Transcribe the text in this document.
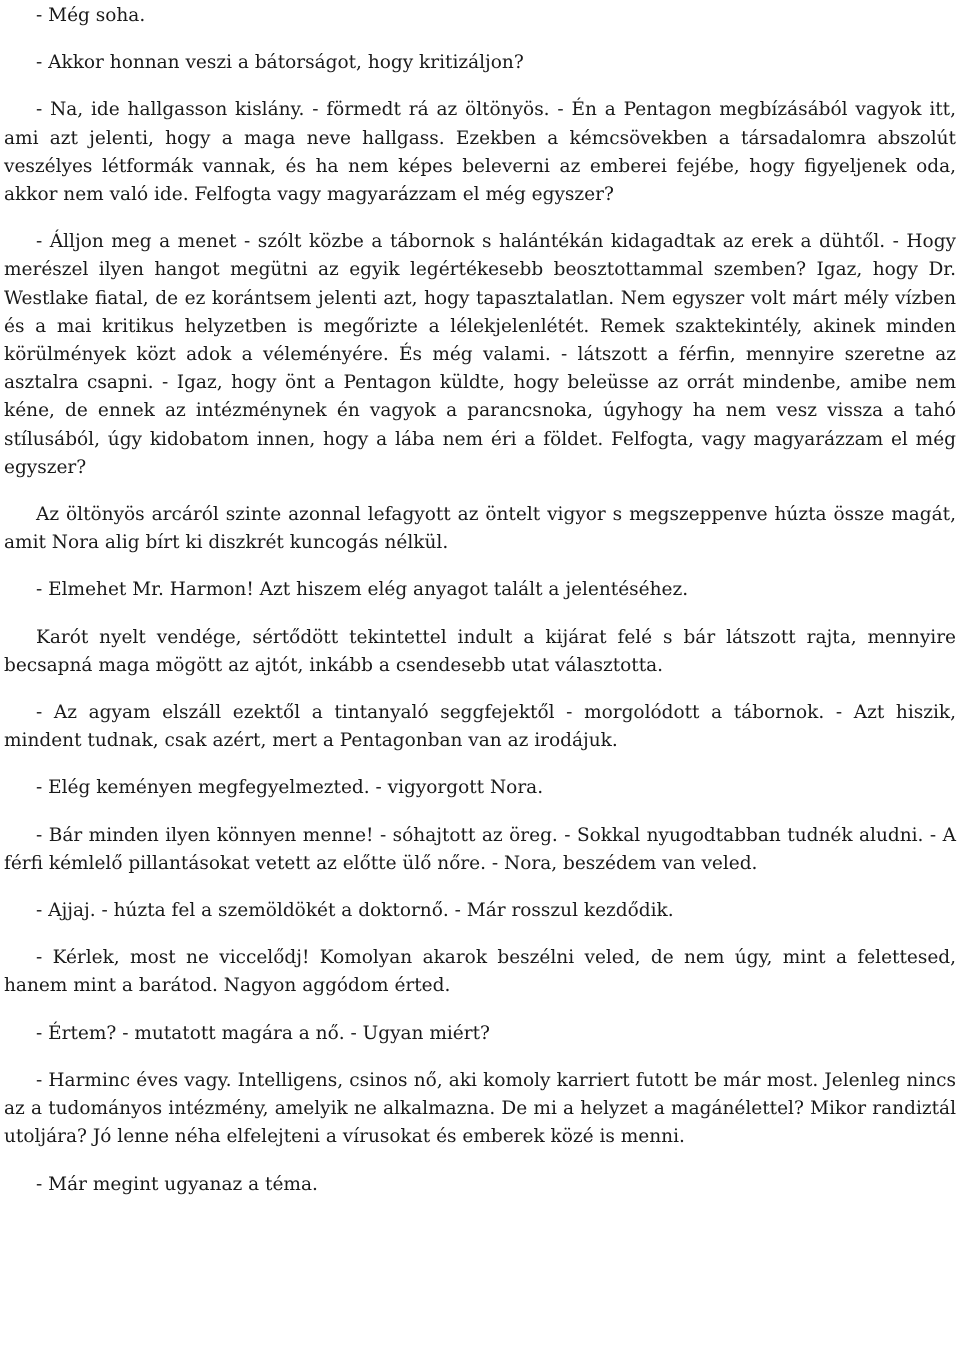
- Még soha.

- Akkor honnan veszi a bátorságot, hogy kritizáljon?

- Na, ide hallgasson kislány. - förmedt rá az öltönyös. - Én a Pentagon megbízásából vagyok itt, ami azt jelenti, hogy a maga neve hallgass. Ezekben a kémcsövekben a társadalomra abszolút veszélyes létformák vannak, és ha nem képes beleverni az emberei fejébe, hogy figyeljenek oda, akkor nem való ide. Felfogta vagy magyarázzam el még egyszer?

- Álljon meg a menet - szólt közbe a tábornok s halántékán kidagadtak az erek a dühtől. - Hogy merészel ilyen hangot megütni az egyik legértékesebb beosztottammal szemben? Igaz, hogy Dr. Westlake fiatal, de ez korántsem jelenti azt, hogy tapasztalatlan. Nem egyszer volt márt mély vízben és a mai kritikus helyzetben is megőrizte a lélekjelenlétét. Remek szaktekintély, akinek minden körülmények közt adok a véleményére. És még valami. - látszott a férfin, mennyire szeretne az asztalra csapni. - Igaz, hogy önt a Pentagon küldte, hogy beleüsse az orrát mindenbe, amibe nem kéne, de ennek az intézménynek én vagyok a parancsnoka, úgyhogy ha nem vesz vissza a tahó stílusából, úgy kidobatom innen, hogy a lába nem éri a földet. Felfogta, vagy magyarázzam el még egyszer?

Az öltönyös arcáról szinte azonnal lefagyott az öntelt vigyor s megszeppenve húzta össze magát, amit Nora alig bírt ki diszkrét kuncogás nélkül.

- Elmehet Mr. Harmon! Azt hiszem elég anyagot talált a jelentéséhez.

Karót nyelt vendége, sértődött tekintettel indult a kijárat felé s bár látszott rajta, mennyire becsapná maga mögött az ajtót, inkább a csendesebb utat választotta.

- Az agyam elszáll ezektől a tintanyaló seggfejektől - morgolódott a tábornok. - Azt hiszik, mindent tudnak, csak azért, mert a Pentagonban van az irodájuk.

- Elég keményen megfegyelmezted. - vigyorgott Nora.

- Bár minden ilyen könnyen menne! - sóhajtott az öreg. - Sokkal nyugodtabban tudnék aludni. - A férfi kémlelő pillantásokat vetett az előtte ülő nőre. - Nora, beszédem van veled.

- Ajjaj. - húzta fel a szemöldökét a doktornő. - Már rosszul kezdődik.

- Kérlek, most ne viccelődj! Komolyan akarok beszélni veled, de nem úgy, mint a felettesed, hanem mint a barátod. Nagyon aggódom érted.

- Értem? - mutatott magára a nő. - Ugyan miért?

- Harminc éves vagy. Intelligens, csinos nő, aki komoly karriert futott be már most. Jelenleg nincs az a tudományos intézmény, amelyik ne alkalmazna. De mi a helyzet a magánélettel? Mikor randiztál utoljára? Jó lenne néha elfelejteni a vírusokat és emberek közé is menni.

- Már megint ugyanaz a téma.
